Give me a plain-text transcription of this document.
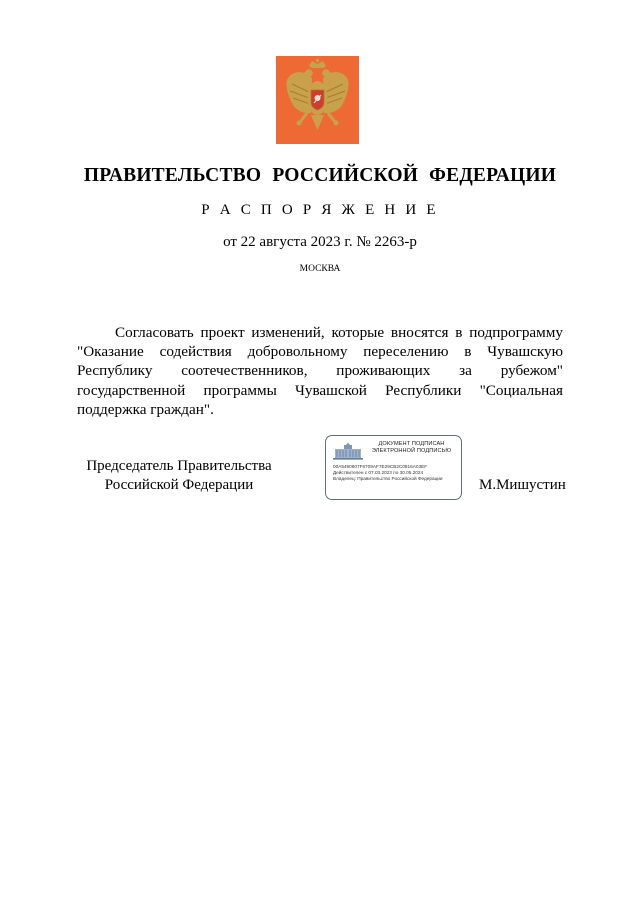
ПРАВИТЕЛЬСТВО РОССИЙСКОЙ ФЕДЕРАЦИИ
Р А С П О Р Я Ж Е Н И Е
от 22 августа 2023 г. № 2263-р
МОСКВА
Согласовать проект изменений, которые вносятся в подпрограмму "Оказание содействия добровольному переселению в Чувашскую Республику соотечественников, проживающих за рубежом" государственной программы Чувашской Республики "Социальная поддержка граждан".
Председатель Правительства
Российской Федерации
ДОКУМЕНТ ПОДПИСАН
ЭЛЕКТРОННОЙ ПОДПИСЬЮ
00A5490607F6709AF7E29CB2C0816A03EF
Действителен с 07.03.2023 по 30.05.2024
Владелец: Правительство Российской Федерации	М.Мишустин
